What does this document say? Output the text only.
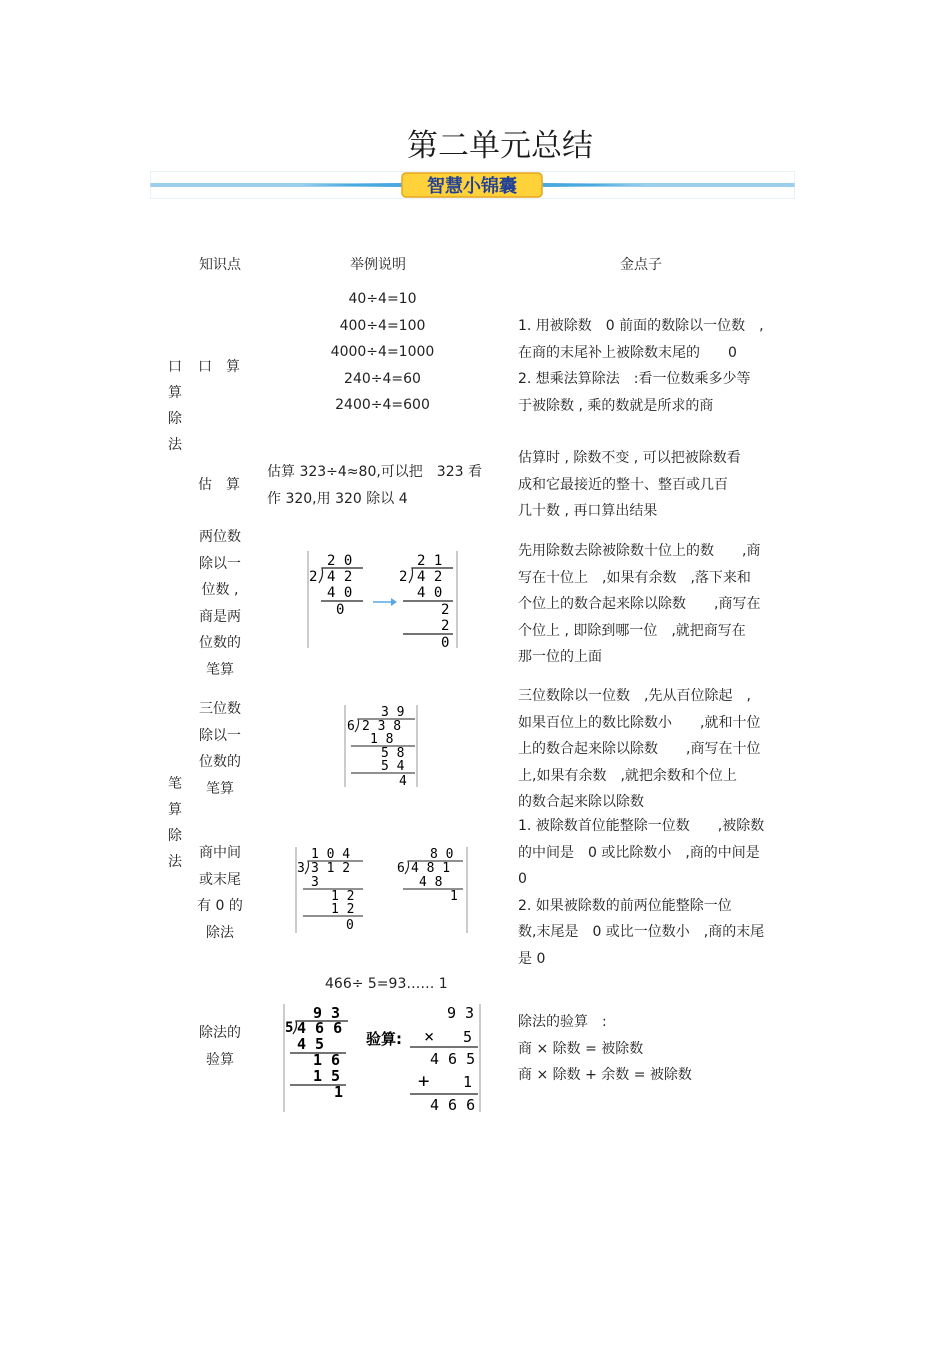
第二单元总结
智慧小锦囊
知识点	举例说明	金点子
口算除法
笔算除法
口　算
40÷4=10
400÷4=100
4000÷4=1000
240÷4=60
2400÷4=600
1. 用被除数　0 前面的数除以一位数　,
在商的末尾补上被除数末尾的　　0
2. 想乘法算除法　:看一位数乘多少等
于被除数 , 乘的数就是所求的商
估　算
估算 323÷4≈80,可以把　323 看
作 320,用 320 除以 4
估算时 , 除数不变 , 可以把被除数看
成和它最接近的整十、整百或几百
几十数 , 再口算出结果
两位数
除以一
位数 ,
商是两
位数的
笔算
2 0
2 4 2
4 0
0
2 1
2 4 2
4 0
2
2
0
先用除数去除被除数十位上的数　　,商
写在十位上　,如果有余数　,落下来和
个位上的数合起来除以除数　　,商写在
个位上 , 即除到哪一位　,就把商写在
那一位的上面
三位数
除以一
位数的
笔算
3 9
6 2 3 8
1 8
5 8
5 4
4
三位数除以一位数　,先从百位除起　,
如果百位上的数比除数小　　,就和十位
上的数合起来除以除数　　,商写在十位
上,如果有余数　,就把余数和个位上
的数合起来除以除数
商中间
或末尾
有 0 的
除法
1 0 4
3 3 1 2
3
1 2
1 2
0
8 0
6 4 8 1
4 8
1
1. 被除数首位能整除一位数　　,被除数
的中间是　0 或比除数小　,商的中间是
0
2. 如果被除数的前两位能整除一位
数,末尾是　0 或比一位数小　,商的末尾
是 0
466÷ 5=93…… 1
除法的
验算
9 3
5 4 6 6
4 5
1 6
1 5
1
验算:
9 3
× 5
4 6 5
+ 1
4 6 6
除法的验算　:
商 × 除数 = 被除数
商 × 除数 + 余数 = 被除数
